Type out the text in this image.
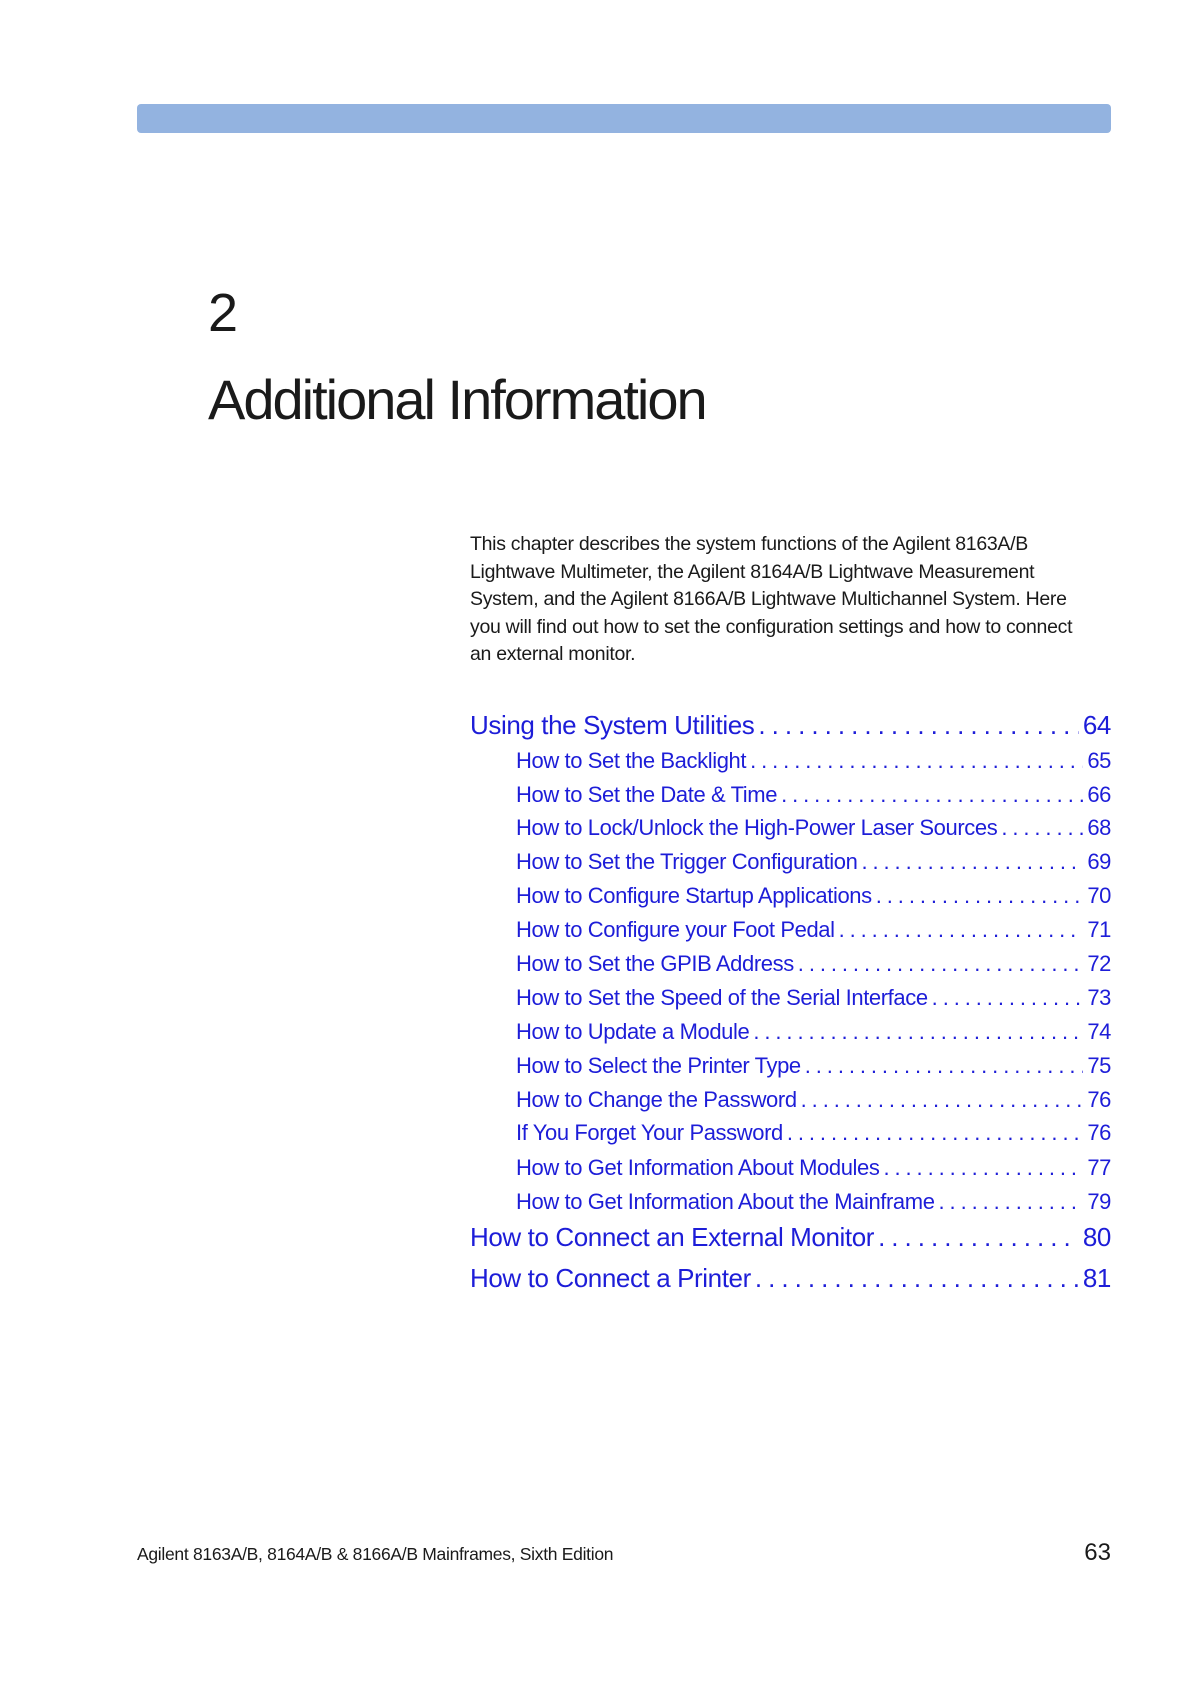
2
Additional Information

This chapter describes the system functions of the Agilent 8163A/B

Lightwave Multimeter, the Agilent 8164A/B Lightwave Measurement

System, and the Agilent 8166A/B Lightwave Multichannel System. Here

you will find out how to set the configuration settings and how to connect

an external monitor.

Using the System Utilities . . .	64
How to Set the Backlight . . .	65
How to Set the Date & Time . . .	66
How to Lock/Unlock the High-Power Laser Sources . . .	68
How to Set the Trigger Configuration . . .	69
How to Configure Startup Applications . . .	70
How to Configure your Foot Pedal . . .	71
How to Set the GPIB Address . . .	72
How to Set the Speed of the Serial Interface . . .	73
How to Update a Module . . .	74
How to Select the Printer Type . . .	75
How to Change the Password . . .	76
If You Forget Your Password . . .	76
How to Get Information About Modules . . .	77
How to Get Information About the Mainframe . . .	79
How to Connect an External Monitor . . .	80
How to Connect a Printer . . .	81
Agilent 8163A/B, 8164A/B & 8166A/B Mainframes, Sixth Edition	63
